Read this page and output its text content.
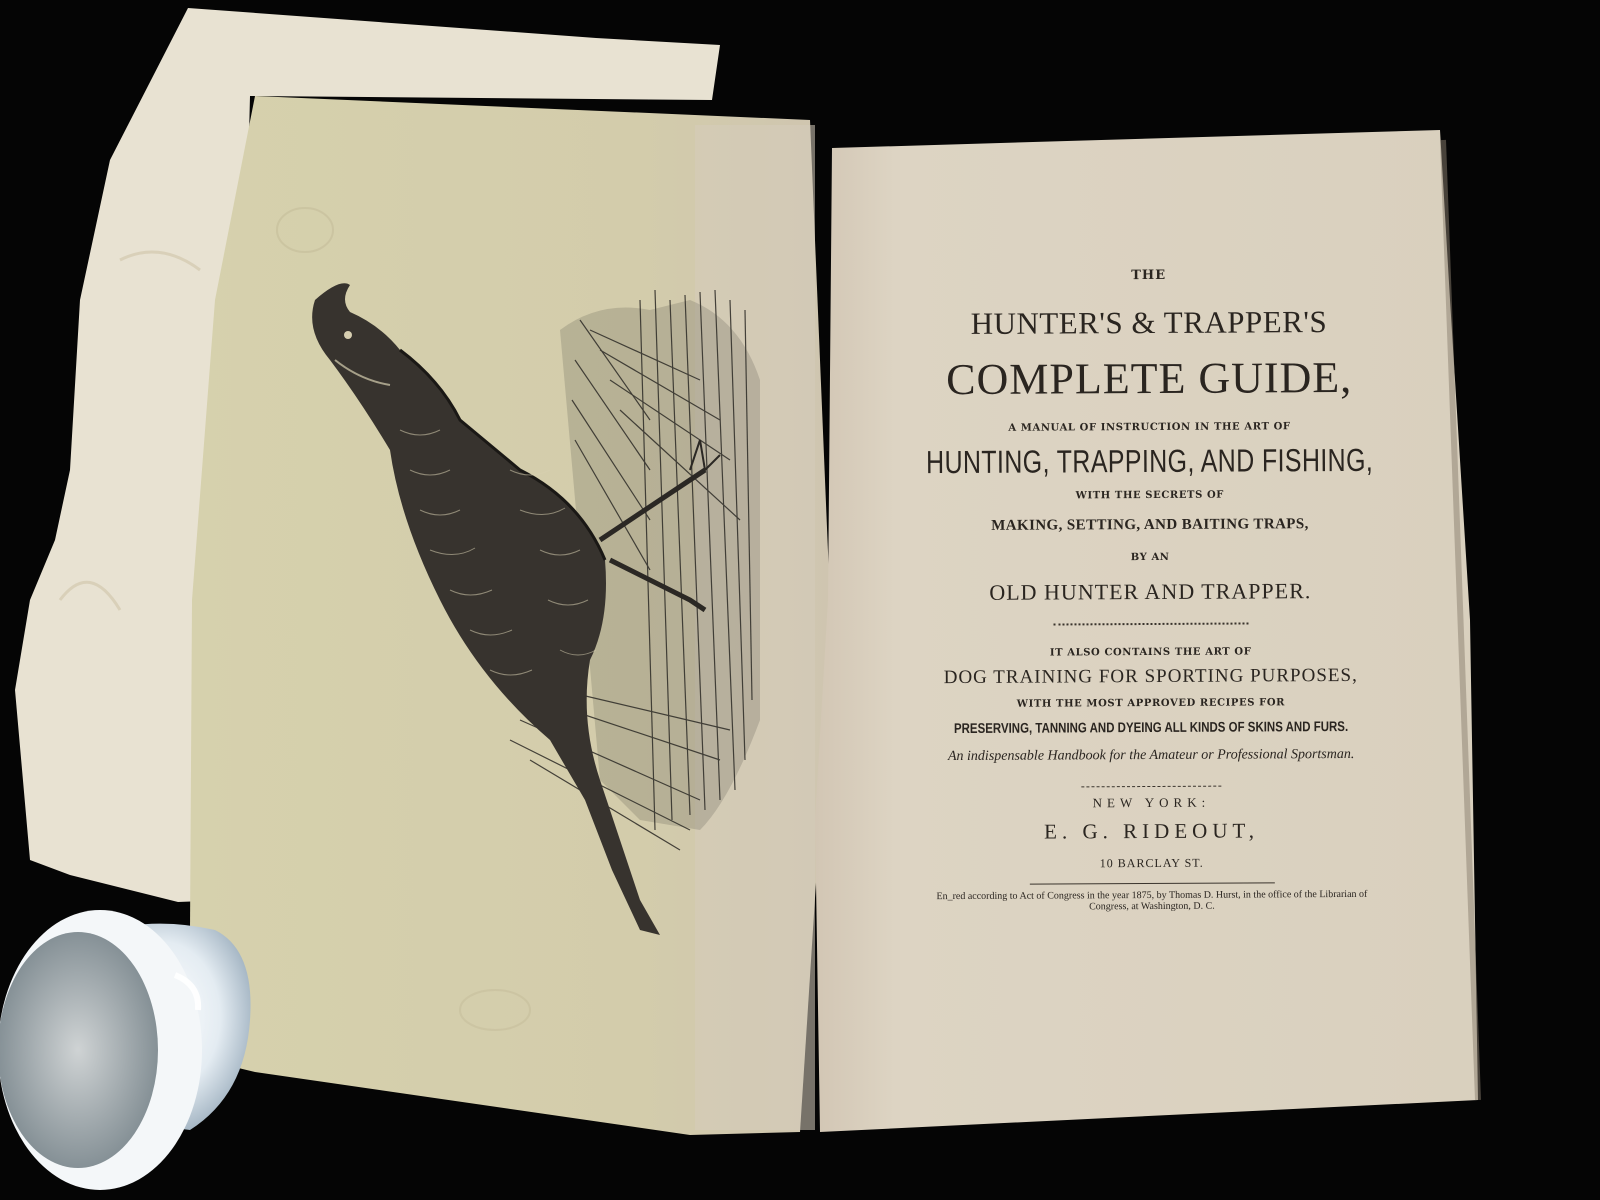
THE
HUNTER'S & TRAPPER'S
COMPLETE GUIDE,
A MANUAL OF INSTRUCTION IN THE ART OF
HUNTING, TRAPPING, AND FISHING,
WITH THE SECRETS OF
MAKING, SETTING, AND BAITING TRAPS,
BY AN
OLD HUNTER AND TRAPPER.
IT ALSO CONTAINS THE ART OF
DOG TRAINING FOR SPORTING PURPOSES,
WITH THE MOST APPROVED RECIPES FOR
PRESERVING, TANNING AND DYEING ALL KINDS OF SKINS AND FURS.
An indispensable Handbook for the Amateur or Professional Sportsman.
NEW YORK:
E. G. RIDEOUT,
10 BARCLAY ST.
En_red according to Act of Congress in the year 1875, by Thomas D. Hurst, in the office of the Librarian of Congress, at Washington, D. C.
